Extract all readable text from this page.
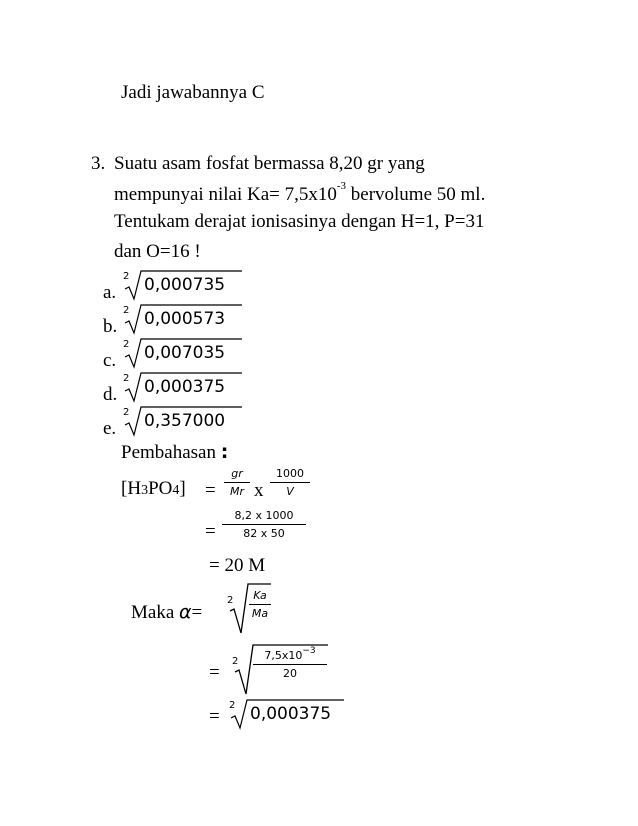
Jadi jawabannya C
3. Suatu asam fosfat bermassa 8,20 gr yang
mempunyai nilai $Ka= 7,5x10^{-3}$ bervolume 50 ml.
Tentukam derajat ionisasinya dengan H=1, P=31
dan O=16 !
a.
2 0,000735
b.
2 0,000573
c.
2 0,007035
d.
2 0,000375
e.
2 0,357000
Pembahasan :
[H3PO4] =
gr
Mr x
1000
V
=
8,2 x 1000
82 x 50
= 20 M
Maka α=
2	Ka
Ma
=
2	$7,5x10^{-3}$
20
=
2 0,000375
